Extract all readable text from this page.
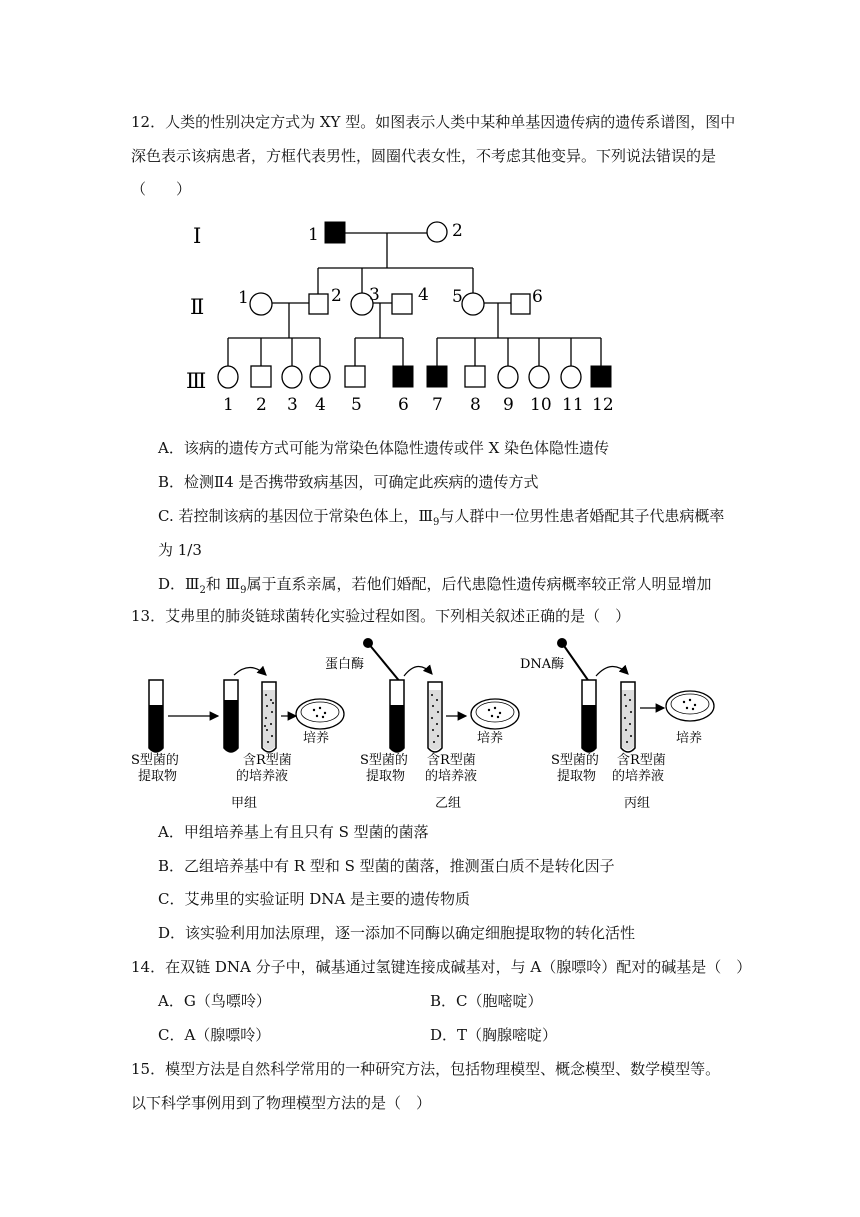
12．人类的性别决定方式为 XY 型。如图表示人类中某种单基因遗传病的遗传系谱图，图中
深色表示该病患者，方框代表男性，圆圈代表女性，不考虑其他变异。下列说法错误的是
（　　）
Ⅰ
Ⅱ
Ⅲ
1	2
1	2 3 4 5	6
1 2 3 4 5 6 7 8 9 10 11 12
A．该病的遗传方式可能为常染色体隐性遗传或伴 X 染色体隐性遗传
B．检测Ⅱ4 是否携带致病基因，可确定此疾病的遗传方式
C. 若控制该病的基因位于常染色体上，$Ⅲ_9$与人群中一位男性患者婚配其子代患病概率
为 1/3
D．$Ⅲ_2$和 $Ⅲ_9$属于直系亲属，若他们婚配，后代患隐性遗传病概率较正常人明显增加
13．艾弗里的肺炎链球菌转化实验过程如图。下列相关叙述正确的是（　）
S型菌的
提取物
含R型菌
的培养液
培养
甲组
蛋白酶
S型菌的
提取物
含R型菌
的培养液
培养
乙组
DNA酶
S型菌的
提取物
含R型菌
的培养液
培养
丙组
A．甲组培养基上有且只有 S 型菌的菌落
B．乙组培养基中有 R 型和 S 型菌的菌落，推测蛋白质不是转化因子
C．艾弗里的实验证明 DNA 是主要的遗传物质
D．该实验利用加法原理，逐一添加不同酶以确定细胞提取物的转化活性
14．在双链 DNA 分子中，碱基通过氢键连接成碱基对，与 A（腺嘌呤）配对的碱基是（　）
A．G（鸟嘌呤）	B．C（胞嘧啶）
C．A（腺嘌呤）	D．T（胸腺嘧啶）
15．模型方法是自然科学常用的一种研究方法，包括物理模型、概念模型、数学模型等。
以下科学事例用到了物理模型方法的是（　）
